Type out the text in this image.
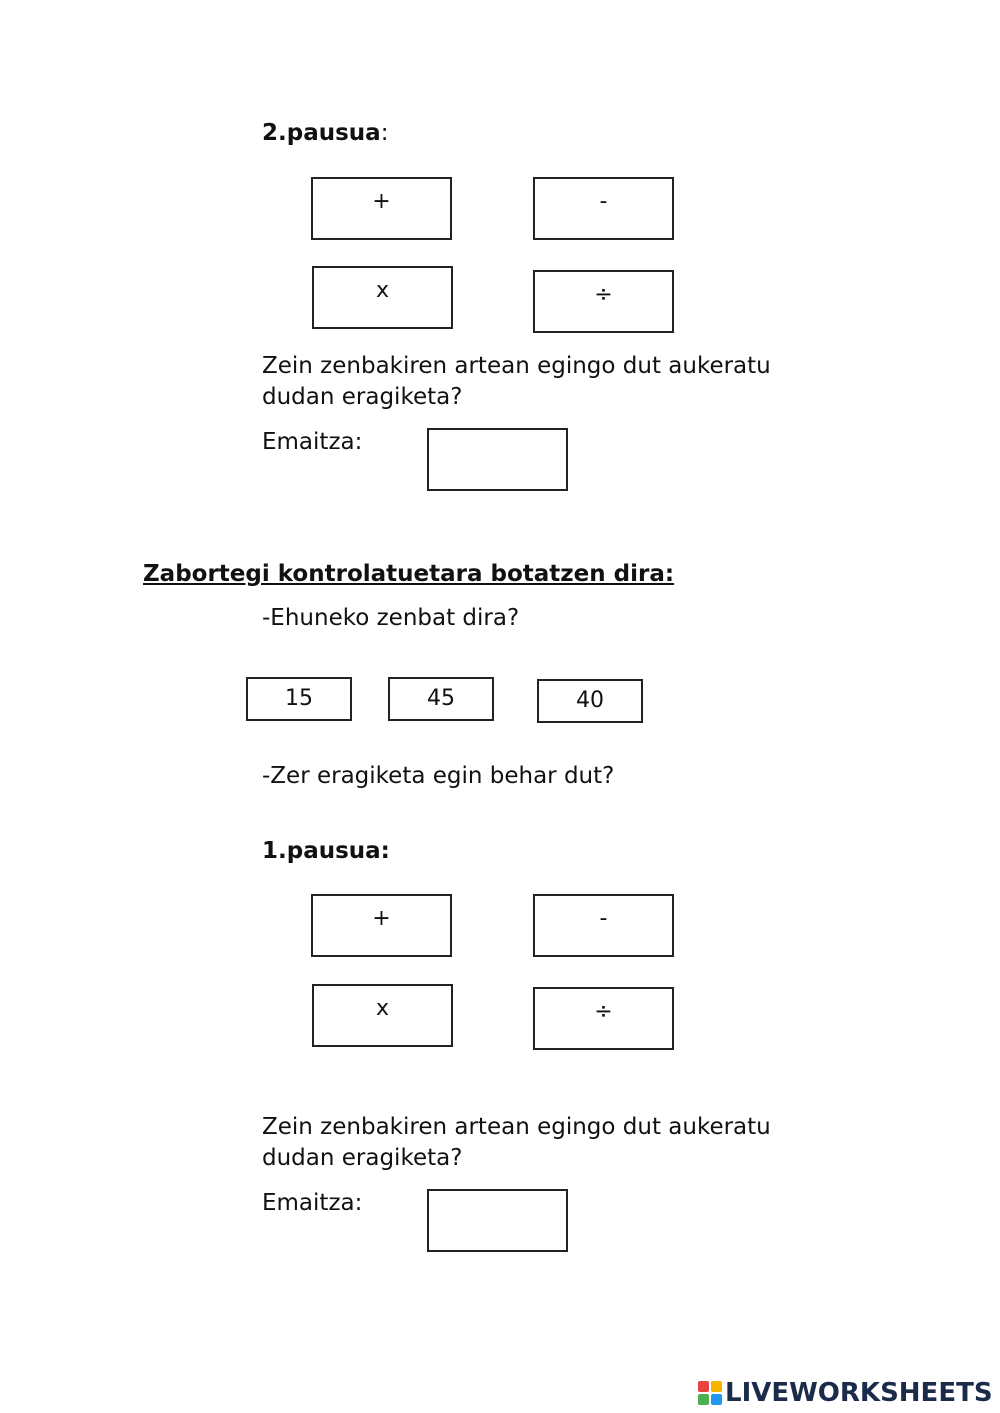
2.pausua:
+	-
x	÷
Zein zenbakiren artean egingo dut aukeratu
dudan eragiketa?
Emaitza:
Zabortegi kontrolatuetara botatzen dira:
-Ehuneko zenbat dira?
15	45	40
-Zer eragiketa egin behar dut?
1.pausua:
+	-
x	÷
Zein zenbakiren artean egingo dut aukeratu
dudan eragiketa?
Emaitza:
LIVEWORKSHEETS
